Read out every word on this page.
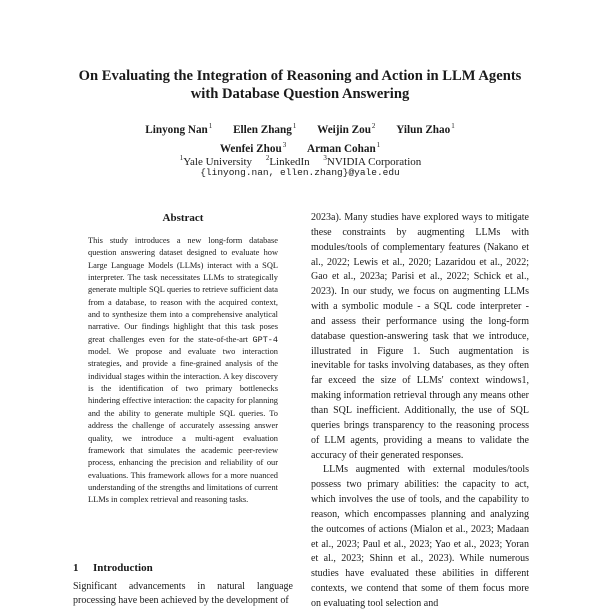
On Evaluating the Integration of Reasoning and Action in LLM Agents
with Database Question Answering
Linyong Nan$^1$ Ellen Zhang$^1$ Weijin Zou$^2$ Yilun Zhao$^1$
Wenfei Zhou$^3$ Arman Cohan$^1$
$^1$Yale University $^2$LinkedIn $^3$NVIDIA Corporation
{linyong.nan, ellen.zhang}@yale.edu
Abstract
This study introduces a new long-form database question answering dataset designed to evaluate how Large Language Models (LLMs) interact with a SQL interpreter. The task necessitates LLMs to strategically generate multiple SQL queries to retrieve sufficient data from a database, to reason with the acquired context, and to synthesize them into a comprehensive analytical narrative. Our findings highlight that this task poses great challenges even for the state-of-the-art GPT-4 model. We propose and evaluate two interaction strategies, and provide a fine-grained analysis of the individual stages within the interaction. A key discovery is the identification of two primary bottlenecks hindering effective interaction: the capacity for planning and the ability to generate multiple SQL queries. To address the challenge of accurately assessing answer quality, we introduce a multi-agent evaluation framework that simulates the academic peer-review process, enhancing the precision and reliability of our evaluations. This framework allows for a more nuanced understanding of the strengths and limitations of current LLMs in complex retrieval and reasoning tasks.
1 Introduction
Significant advancements in natural language processing have been achieved by the development of

2023a). Many studies have explored ways to mitigate these constraints by augmenting LLMs with modules/tools of complementary features (Nakano et al., 2022; Lewis et al., 2020; Lazaridou et al., 2022; Gao et al., 2023a; Parisi et al., 2022; Schick et al., 2023). In our study, we focus on augmenting LLMs with a symbolic module - a SQL code interpreter - and assess their performance using the long-form database question-answering task that we introduce, illustrated in Figure 1. Such augmentation is inevitable for tasks involving databases, as they often far exceed the size of LLMs' context windows1, making information retrieval through any means other than SQL inefficient. Additionally, the use of SQL queries brings transparency to the reasoning process of LLM agents, providing a means to validate the accuracy of their generated responses.

LLMs augmented with external modules/tools possess two primary abilities: the capacity to act, which involves the use of tools, and the capability to reason, which encompasses planning and analyzing the outcomes of actions (Mialon et al., 2023; Madaan et al., 2023; Paul et al., 2023; Yao et al., 2023; Yoran et al., 2023; Shinn et al., 2023). While numerous studies have evaluated these abilities in different contexts, we contend that some of them focus more on evaluating tool selection and
